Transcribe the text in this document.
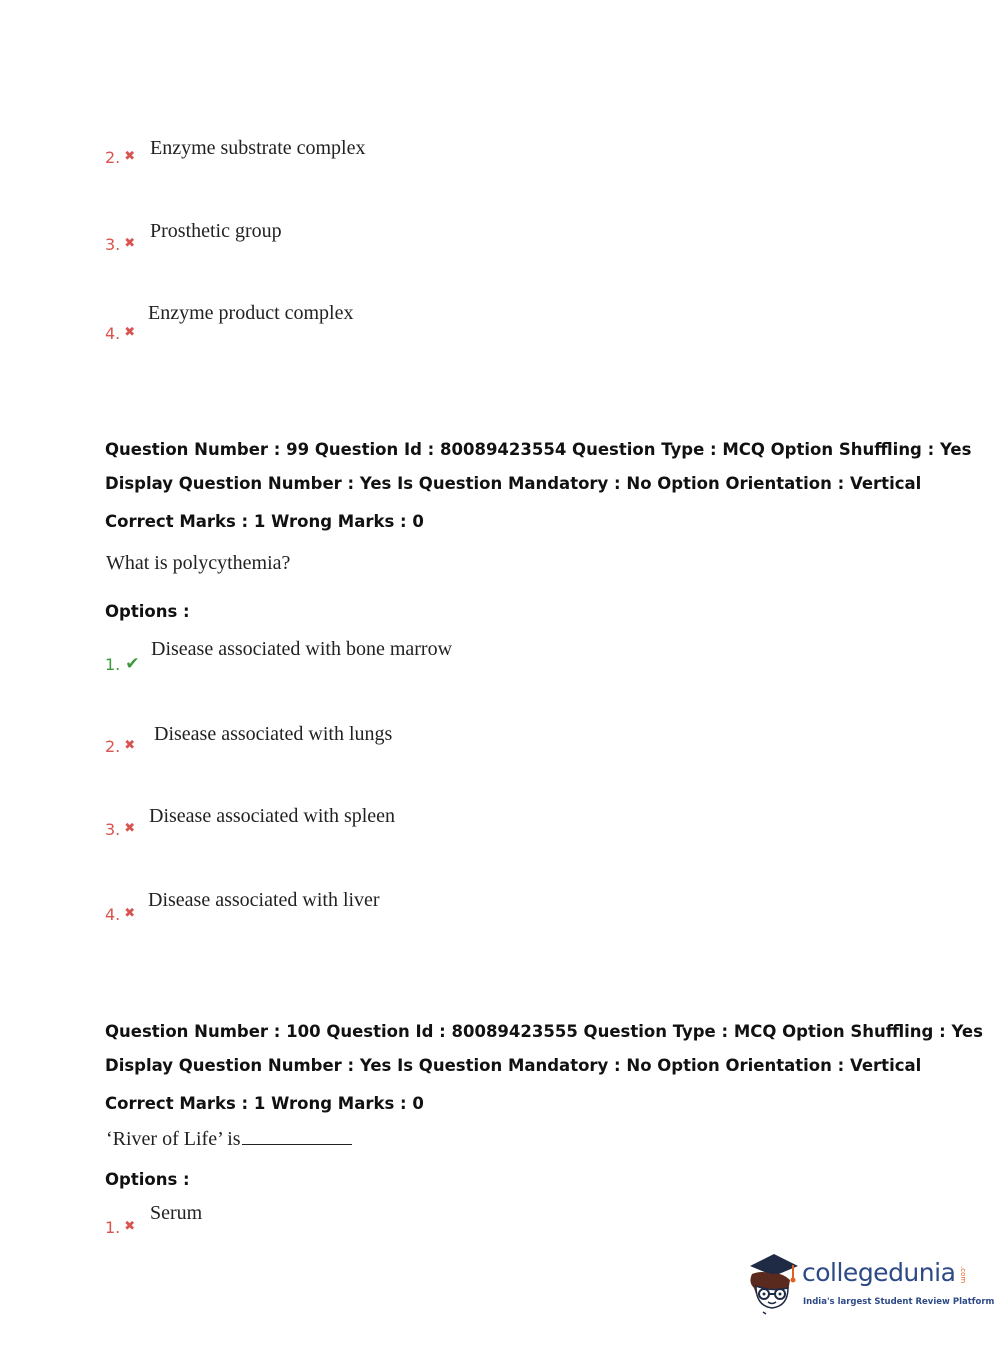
2. ✖ Enzyme substrate complex
3. ✖
Prosthetic group
4. ✖
Enzyme product complex
Question Number : 99 Question Id : 80089423554 Question Type : MCQ Option Shuffling : Yes
Display Question Number : Yes Is Question Mandatory : No Option Orientation : Vertical
Correct Marks : 1 Wrong Marks : 0
What is polycythemia?
Options :
1. ✔
Disease associated with bone marrow
2. ✖
Disease associated with lungs
3. ✖
Disease associated with spleen
4. ✖
Disease associated with liver
Question Number : 100 Question Id : 80089423555 Question Type : MCQ Option Shuffling : Yes
Display Question Number : Yes Is Question Mandatory : No Option Orientation : Vertical
Correct Marks : 1 Wrong Marks : 0
‘River of Life’ is
Options :
1. ✖
Serum
collegedunia .com
India's largest Student Review Platform
